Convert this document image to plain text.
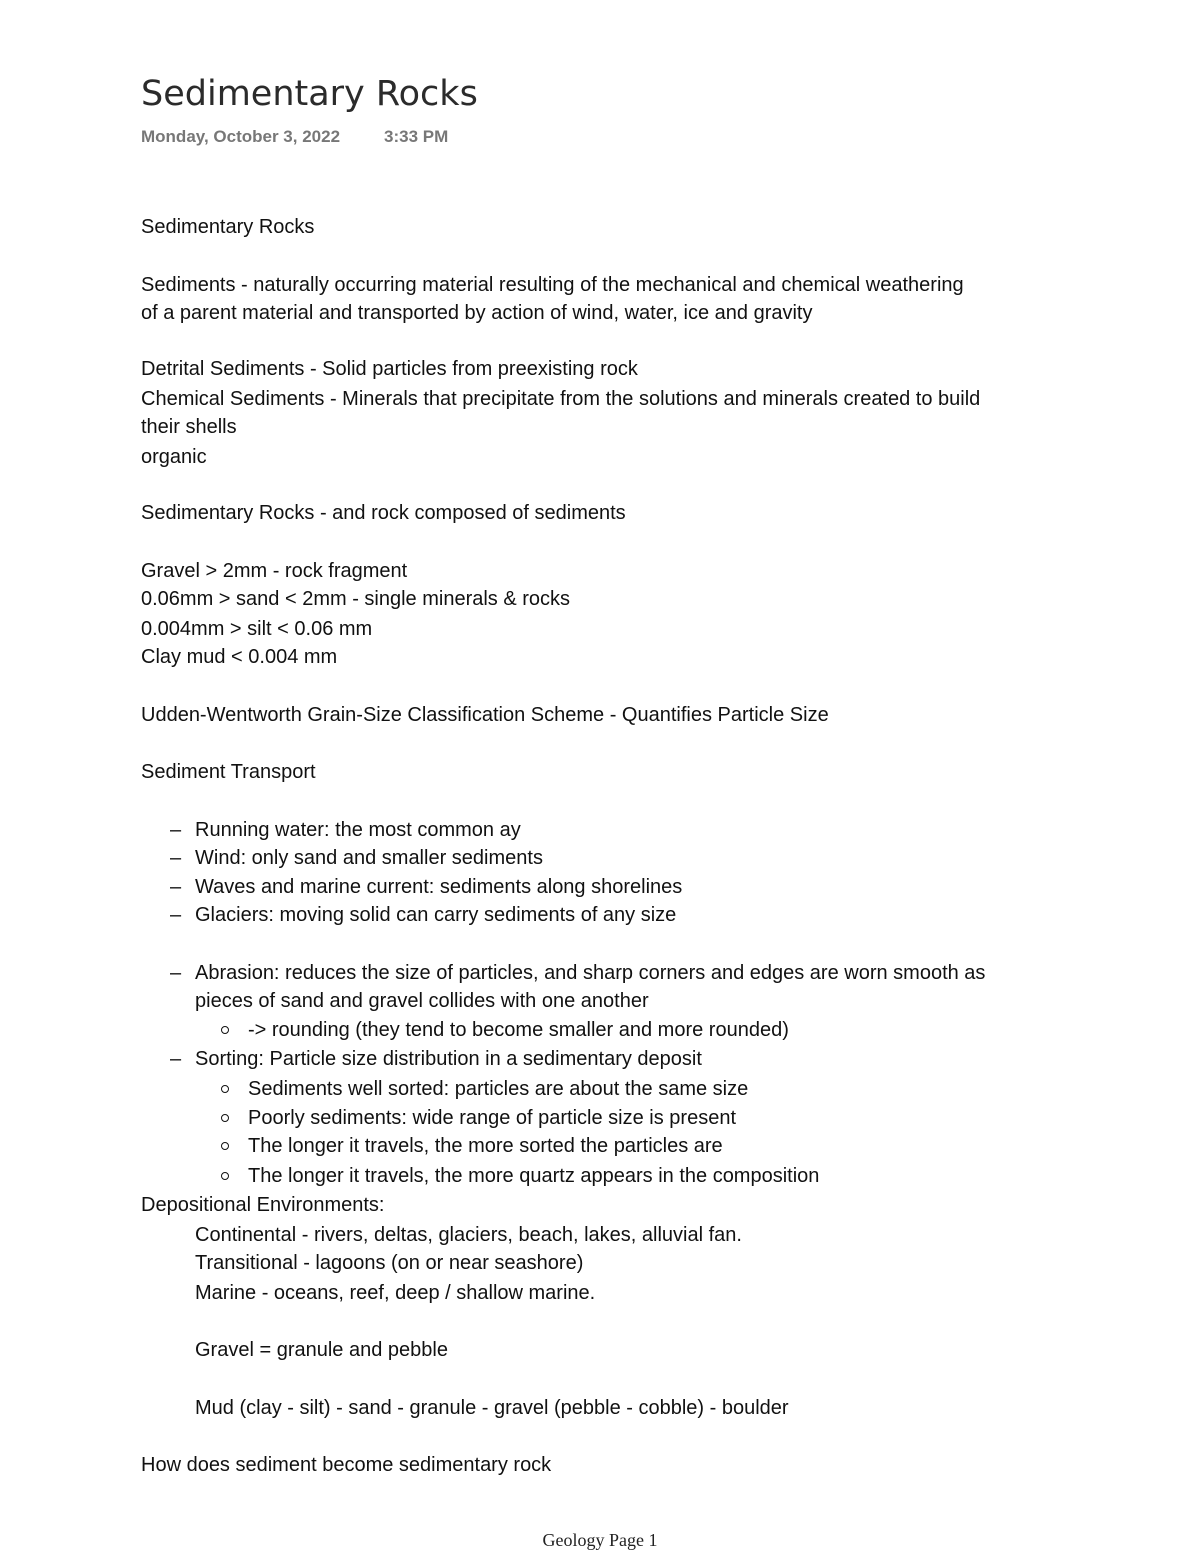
Sedimentary Rocks
Monday, October 3, 2022	3:33 PM
Sedimentary Rocks
Sediments - naturally occurring material resulting of the mechanical and chemical weathering
of a parent material and transported by action of wind, water, ice and gravity
Detrital Sediments - Solid particles from preexisting rock
Chemical Sediments - Minerals that precipitate from the solutions and minerals created to build
their shells
organic
Sedimentary Rocks - and rock composed of sediments
Gravel > 2mm - rock fragment
0.06mm > sand < 2mm - single minerals & rocks
0.004mm > silt < 0.06 mm
Clay mud < 0.004 mm
Udden-Wentworth Grain-Size Classification Scheme - Quantifies Particle Size
Sediment Transport
– Running water: the most common ay
– Wind: only sand and smaller sediments
– Waves and marine current: sediments along shorelines
– Glaciers: moving solid can carry sediments of any size
– Abrasion: reduces the size of particles, and sharp corners and edges are worn smooth as
pieces of sand and gravel collides with one another
-> rounding (they tend to become smaller and more rounded)
– Sorting: Particle size distribution in a sedimentary deposit
Sediments well sorted: particles are about the same size
Poorly sediments: wide range of particle size is present
The longer it travels, the more sorted the particles are
The longer it travels, the more quartz appears in the composition
Depositional Environments:
Continental - rivers, deltas, glaciers, beach, lakes, alluvial fan.
Transitional - lagoons (on or near seashore)
Marine - oceans, reef, deep / shallow marine.
Gravel = granule and pebble
Mud (clay - silt) - sand - granule - gravel (pebble - cobble) - boulder
How does sediment become sedimentary rock
Geology Page 1
